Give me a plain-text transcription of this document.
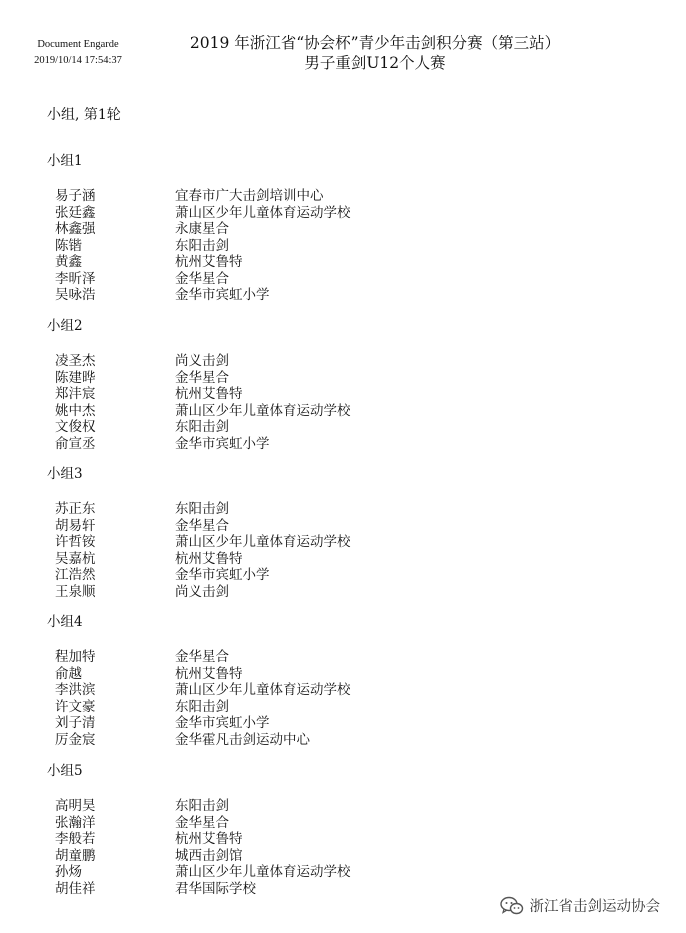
Document Engarde
2019/10/14 17:54:37
2019 年浙江省“协会杯”青少年击剑积分赛（第三站）
男子重剑U12个人赛
小组, 第1轮
小组1
易子涵	宜春市广大击剑培训中心
张廷鑫	萧山区少年儿童体育运动学校
林鑫强	永康星合
陈锴	东阳击剑
黄鑫	杭州艾鲁特
李昕泽	金华星合
吴咏浩	金华市宾虹小学
小组2
凌圣杰	尚义击剑
陈建晔	金华星合
郑沣宸	杭州艾鲁特
姚中杰	萧山区少年儿童体育运动学校
文俊权	东阳击剑
俞宣丞	金华市宾虹小学
小组3
苏正东	东阳击剑
胡易轩	金华星合
许哲铵	萧山区少年儿童体育运动学校
吴嘉杭	杭州艾鲁特
江浩然	金华市宾虹小学
王泉顺	尚义击剑
小组4
程加特	金华星合
俞越	杭州艾鲁特
李洪滨	萧山区少年儿童体育运动学校
许文豪	东阳击剑
刘子清	金华市宾虹小学
厉金宸	金华霍凡击剑运动中心
小组5
高明昊	东阳击剑
张瀚洋	金华星合
李般若	杭州艾鲁特
胡童鹏	城西击剑馆
孙炀	萧山区少年儿童体育运动学校
胡佳祥	君华国际学校
浙江省击剑运动协会
